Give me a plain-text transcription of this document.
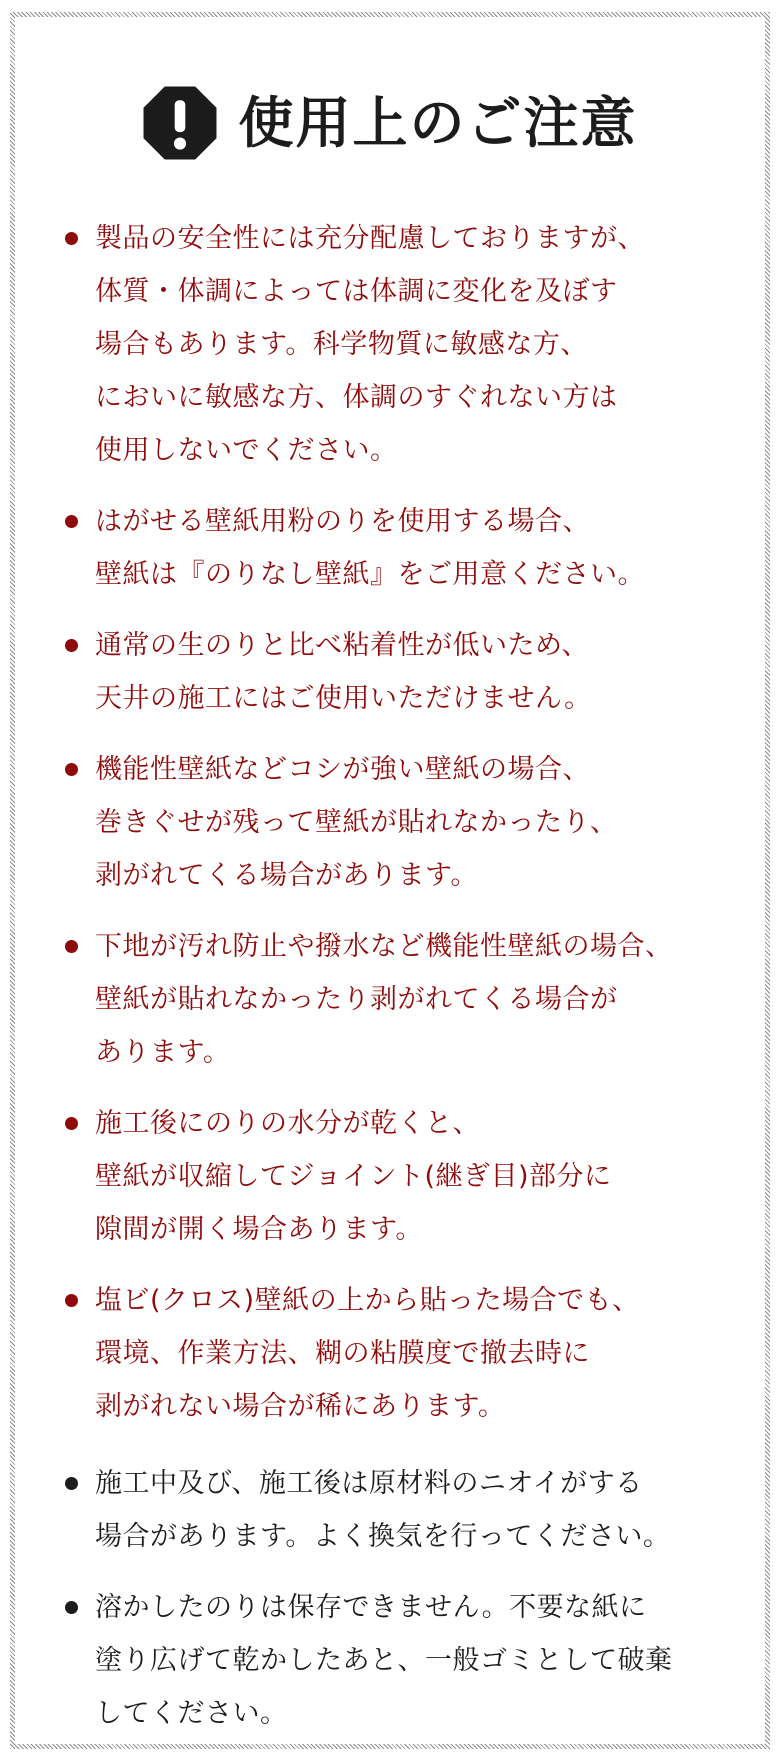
使用上のご注意
製品の安全性には充分配慮しておりますが、
体質・体調によっては体調に変化を及ぼす
場合もあります。科学物質に敏感な方、
においに敏感な方、体調のすぐれない方は
使用しないでください。
はがせる壁紙用粉のりを使用する場合、
壁紙は『のりなし壁紙』をご用意ください。
通常の生のりと比べ粘着性が低いため、
天井の施工にはご使用いただけません。
機能性壁紙などコシが強い壁紙の場合、
巻きぐせが残って壁紙が貼れなかったり、
剥がれてくる場合があります。
下地が汚れ防止や撥水など機能性壁紙の場合、
壁紙が貼れなかったり剥がれてくる場合が
あります。
施工後にのりの水分が乾くと、
壁紙が収縮してジョイント(継ぎ目)部分に
隙間が開く場合あります。
塩ビ(クロス)壁紙の上から貼った場合でも、
環境、作業方法、糊の粘膜度で撤去時に
剥がれない場合が稀にあります。
施工中及び、施工後は原材料のニオイがする
場合があります。よく換気を行ってください。
溶かしたのりは保存できません。不要な紙に
塗り広げて乾かしたあと、一般ゴミとして破棄
してください。
